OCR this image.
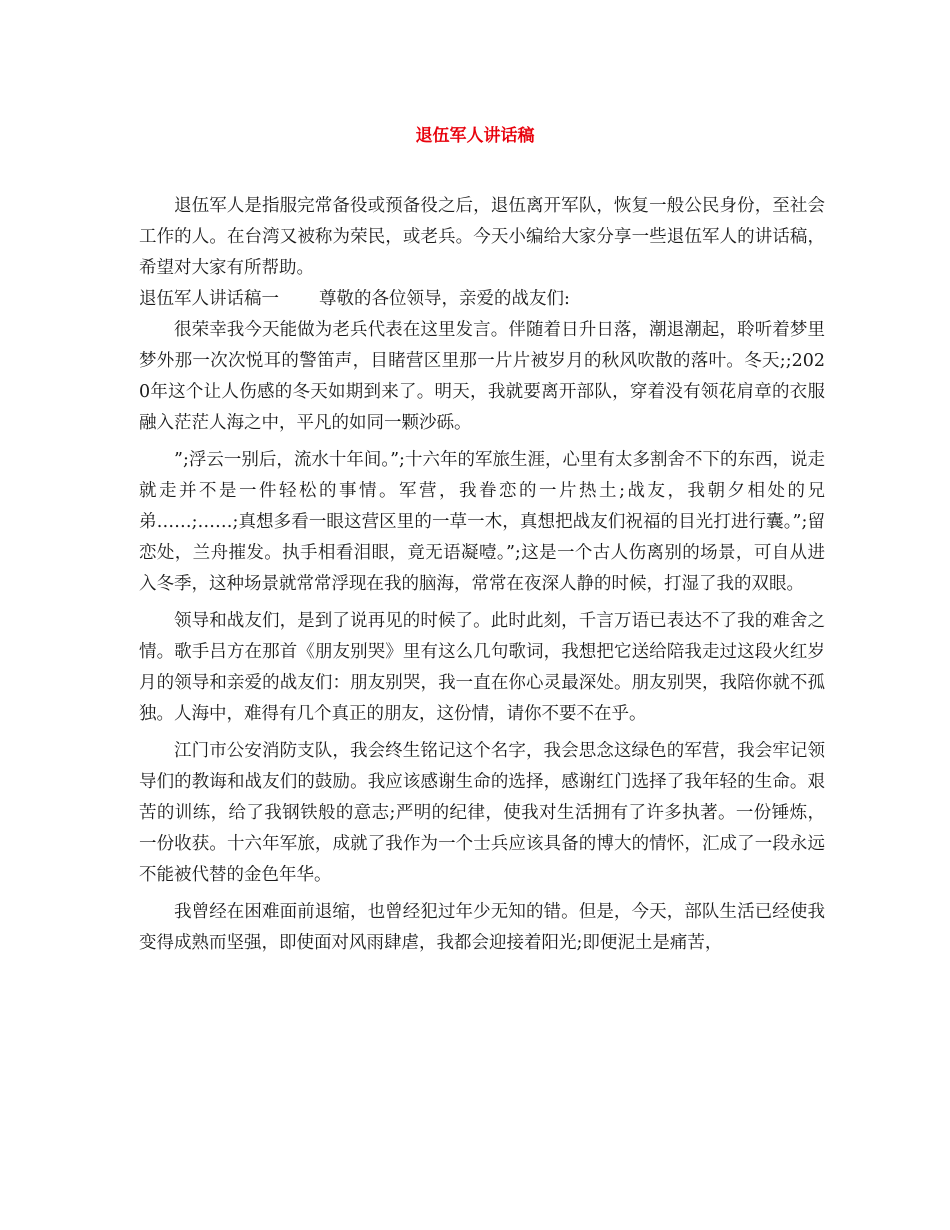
退伍军人讲话稿

退伍军人是指服完常备役或预备役之后，退伍离开军队，恢复一般公民身份，至社会工作的人。在台湾又被称为荣民，或老兵。今天小编给大家分享一些退伍军人的讲话稿，希望对大家有所帮助。

退伍军人讲话稿一 尊敬的各位领导，亲爱的战友们:

很荣幸我今天能做为老兵代表在这里发言。伴随着日升日落，潮退潮起，聆听着梦里梦外那一次次悦耳的警笛声，目睹营区里那一片片被岁月的秋风吹散的落叶。冬天;;2020年这个让人伤感的冬天如期到来了。明天，我就要离开部队，穿着没有领花肩章的衣服融入茫茫人海之中，平凡的如同一颗沙砾。

”;浮云一别后，流水十年间。”;十六年的军旅生涯，心里有太多割舍不下的东西，说走就走并不是一件轻松的事情。军营，我眷恋的一片热土;战友，我朝夕相处的兄弟……;……;真想多看一眼这营区里的一草一木，真想把战友们祝福的目光打进行囊。”;留恋处，兰舟摧发。执手相看泪眼，竟无语凝噎。”;这是一个古人伤离别的场景，可自从进入冬季，这种场景就常常浮现在我的脑海，常常在夜深人静的时候，打湿了我的双眼。

领导和战友们，是到了说再见的时候了。此时此刻，千言万语已表达不了我的难舍之情。歌手吕方在那首《朋友别哭》里有这么几句歌词，我想把它送给陪我走过这段火红岁月的领导和亲爱的战友们：朋友别哭，我一直在你心灵最深处。朋友别哭，我陪你就不孤独。人海中，难得有几个真正的朋友，这份情，请你不要不在乎。

江门市公安消防支队，我会终生铭记这个名字，我会思念这绿色的军营，我会牢记领导们的教诲和战友们的鼓励。我应该感谢生命的选择，感谢红门选择了我年轻的生命。艰苦的训练，给了我钢铁般的意志;严明的纪律，使我对生活拥有了许多执著。一份锤炼，一份收获。十六年军旅，成就了我作为一个士兵应该具备的博大的情怀，汇成了一段永远不能被代替的金色年华。

我曾经在困难面前退缩，也曾经犯过年少无知的错。但是，今天，部队生活已经使我变得成熟而坚强，即使面对风雨肆虐，我都会迎接着阳光;即便泥土是痛苦，
